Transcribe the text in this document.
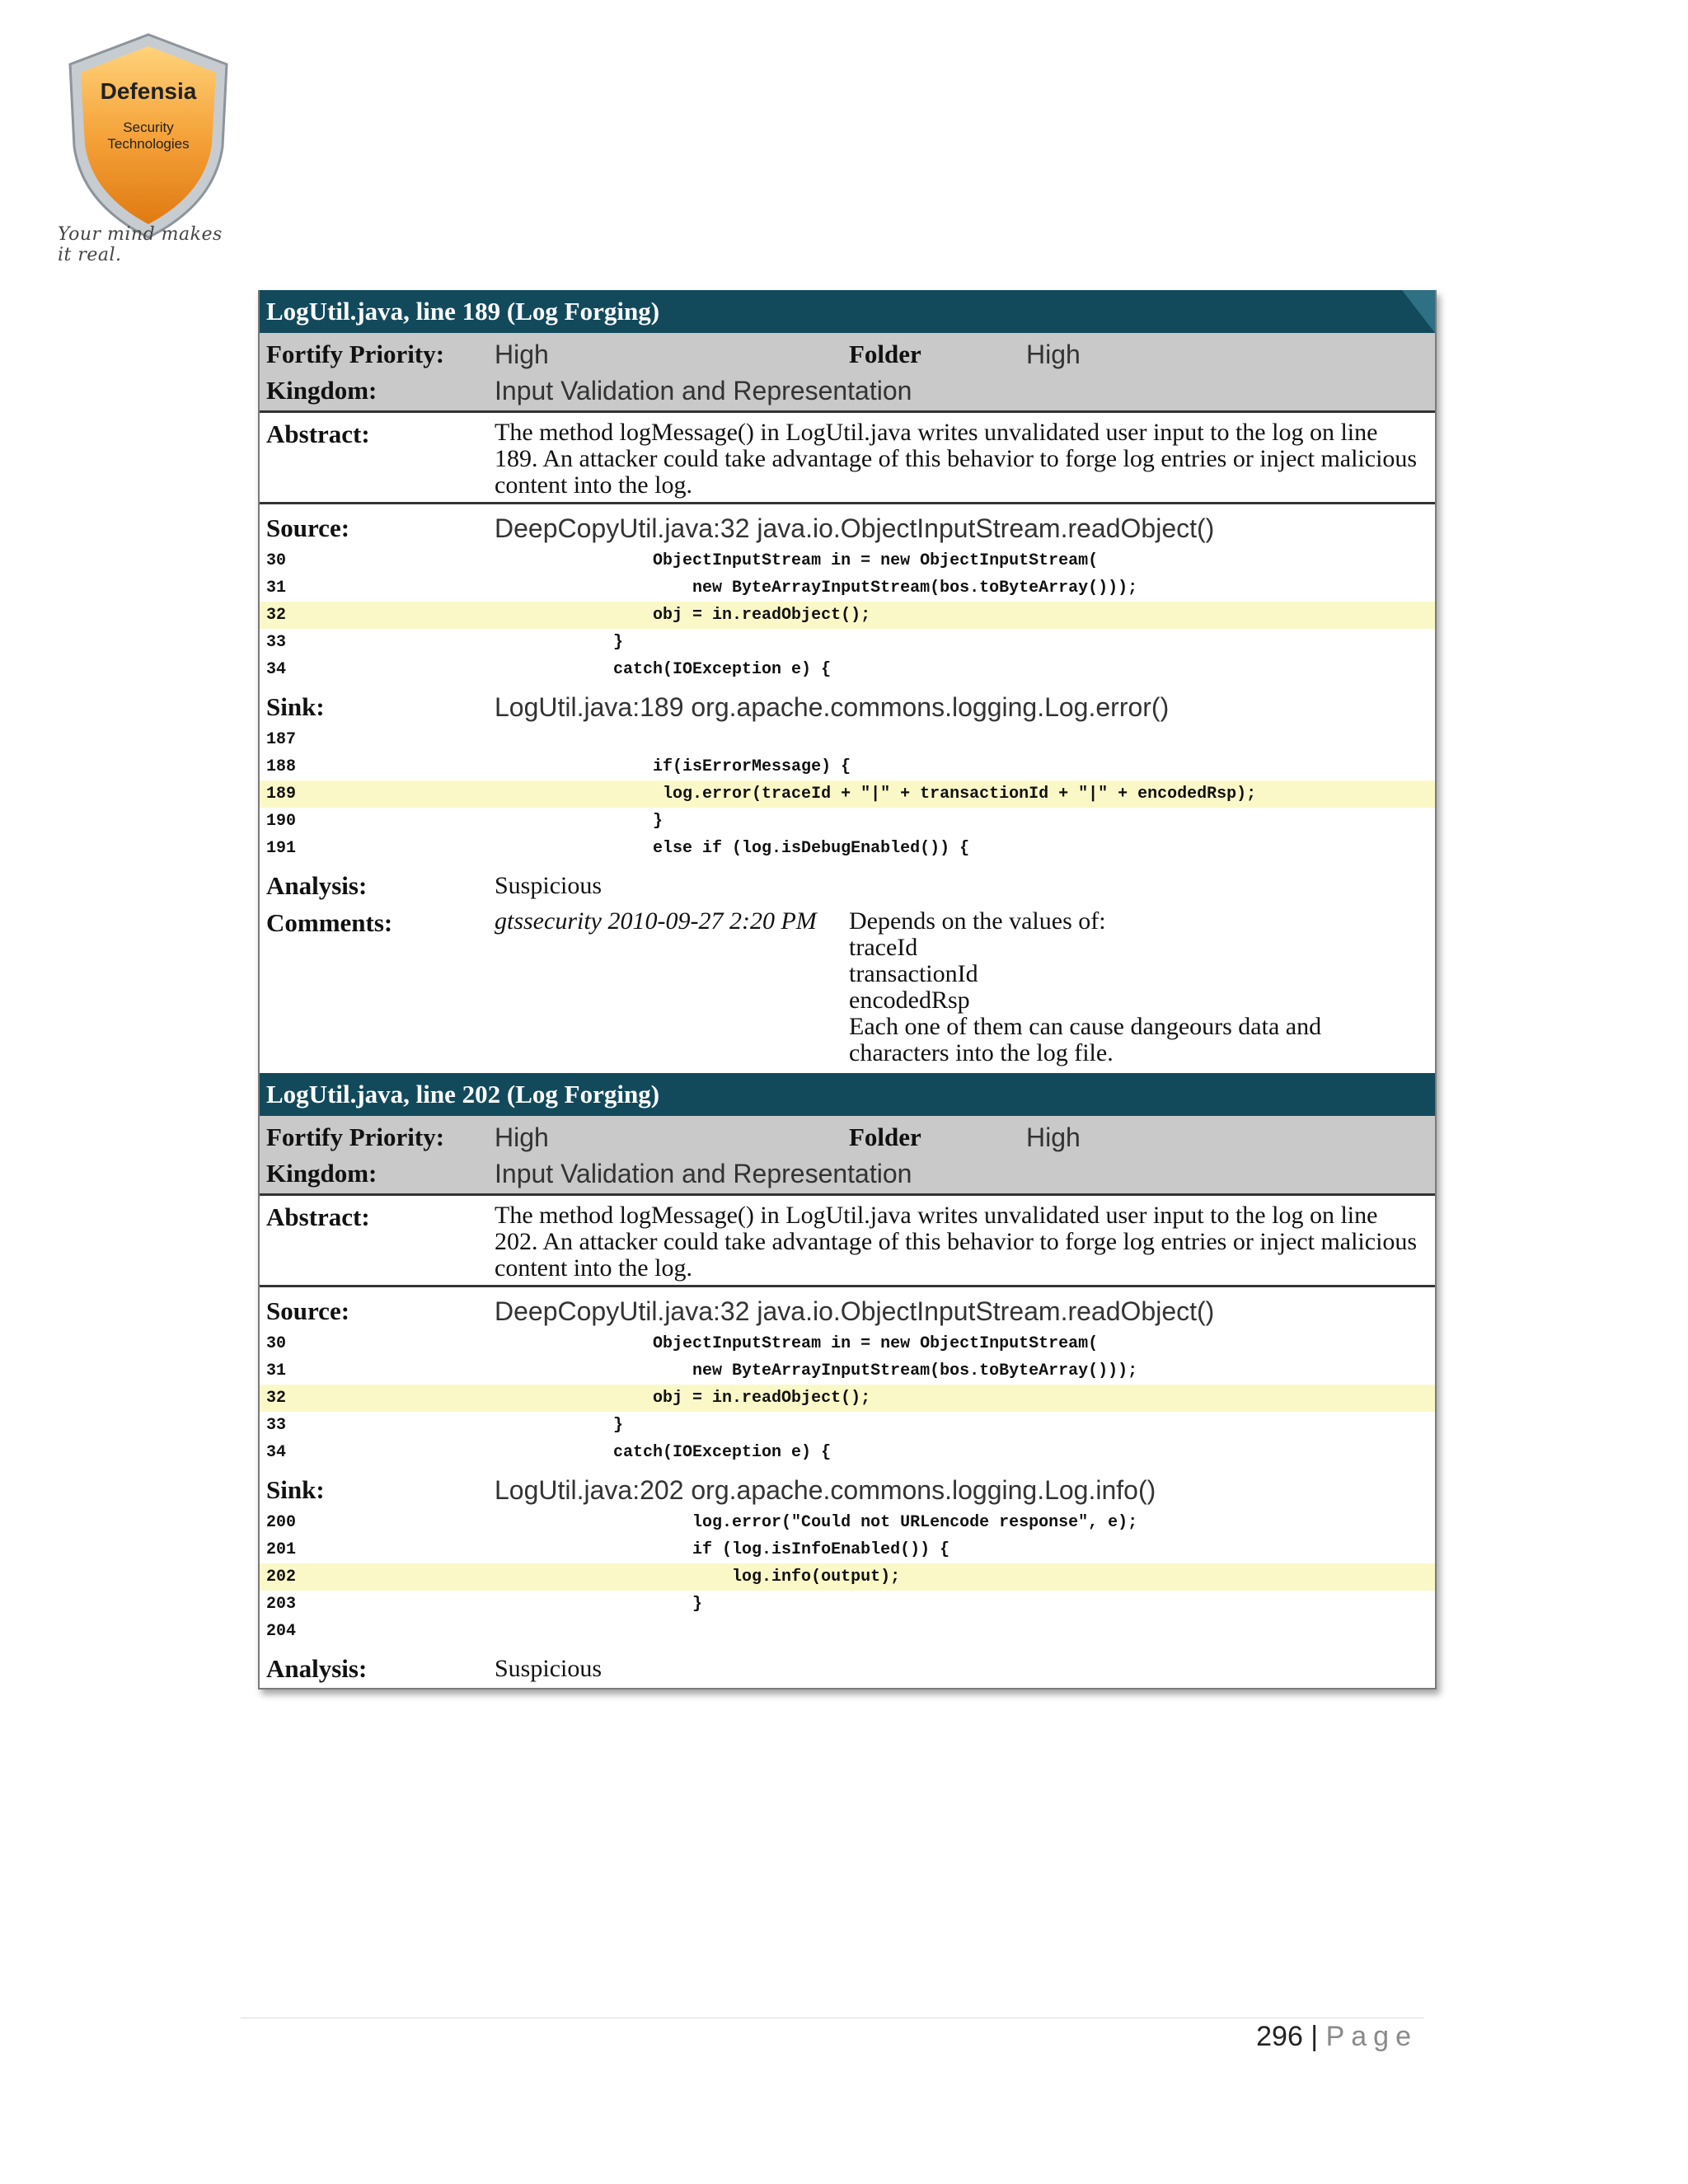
Defensia
Security
Technologies
Your mind makes it real.
LogUtil.java, line 189 (Log Forging)
Fortify Priority:	High	Folder	High
Kingdom:	Input Validation and Representation
Abstract:	The method logMessage() in LogUtil.java writes unvalidated user input to the log on line 189. An attacker could take advantage of this behavior to forge log entries or inject malicious content into the log.
Source:	DeepCopyUtil.java:32 java.io.ObjectInputStream.readObject()
30	ObjectInputStream in = new ObjectInputStream(
31	new ByteArrayInputStream(bos.toByteArray()));
32	obj = in.readObject();
33	}
34	catch(IOException e) {
Sink:	LogUtil.java:189 org.apache.commons.logging.Log.error()
187
188	if(isErrorMessage) {
189	log.error(traceId + "|" + transactionId + "|" + encodedRsp);
190	}
191	else if (log.isDebugEnabled()) {
Analysis:	Suspicious
Comments:	gtssecurity 2010-09-27 2:20 PM	Depends on the values of:
traceId
transactionId
encodedRsp
Each one of them can cause dangeours data and characters into the log file.
LogUtil.java, line 202 (Log Forging)
Fortify Priority:	High	Folder	High
Kingdom:	Input Validation and Representation
Abstract:	The method logMessage() in LogUtil.java writes unvalidated user input to the log on line 202. An attacker could take advantage of this behavior to forge log entries or inject malicious content into the log.
Source:	DeepCopyUtil.java:32 java.io.ObjectInputStream.readObject()
30	ObjectInputStream in = new ObjectInputStream(
31	new ByteArrayInputStream(bos.toByteArray()));
32	obj = in.readObject();
33	}
34	catch(IOException e) {
Sink:	LogUtil.java:202 org.apache.commons.logging.Log.info()
200	log.error("Could not URLencode response", e);
201	if (log.isInfoEnabled()) {
202	log.info(output);
203	}
204
Analysis:	Suspicious
296 | Page
